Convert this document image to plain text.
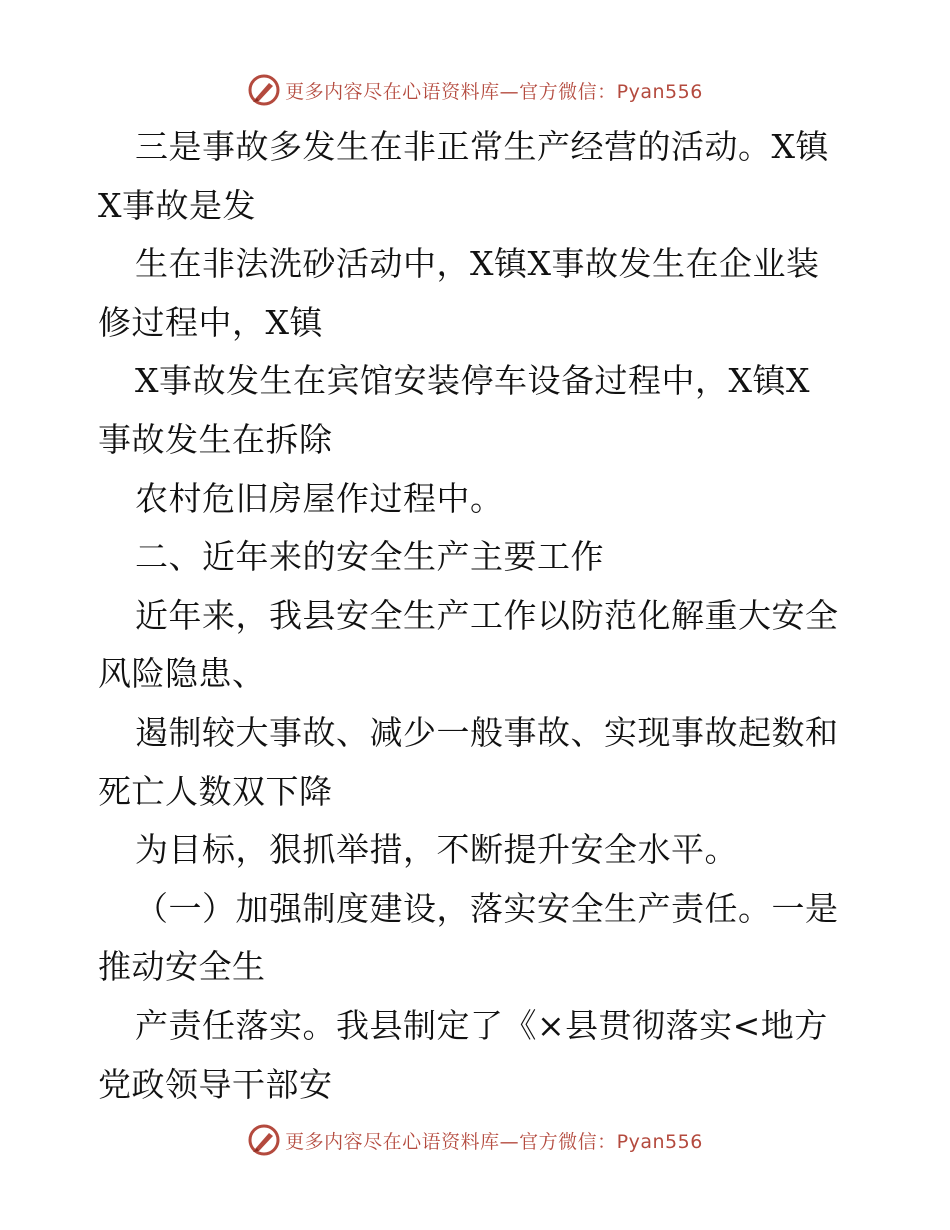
更多内容尽在心语资料库—官方微信：Pyan556

三是事故多发生在非正常生产经营的活动。X镇
X事故是发

生在非法洗砂活动中，X镇X事故发生在企业装
修过程中，X镇

X事故发生在宾馆安装停车设备过程中，X镇X
事故发生在拆除

农村危旧房屋作过程中。

二、近年来的安全生产主要工作

近年来，我县安全生产工作以防范化解重大安全
风险隐患、

遏制较大事故、减少一般事故、实现事故起数和
死亡人数双下降

为目标，狠抓举措，不断提升安全水平。

（一）加强制度建设，落实安全生产责任。一是
推动安全生

产责任落实。我县制定了《×县贯彻落实<地方
党政领导干部安

更多内容尽在心语资料库—官方微信：Pyan556
